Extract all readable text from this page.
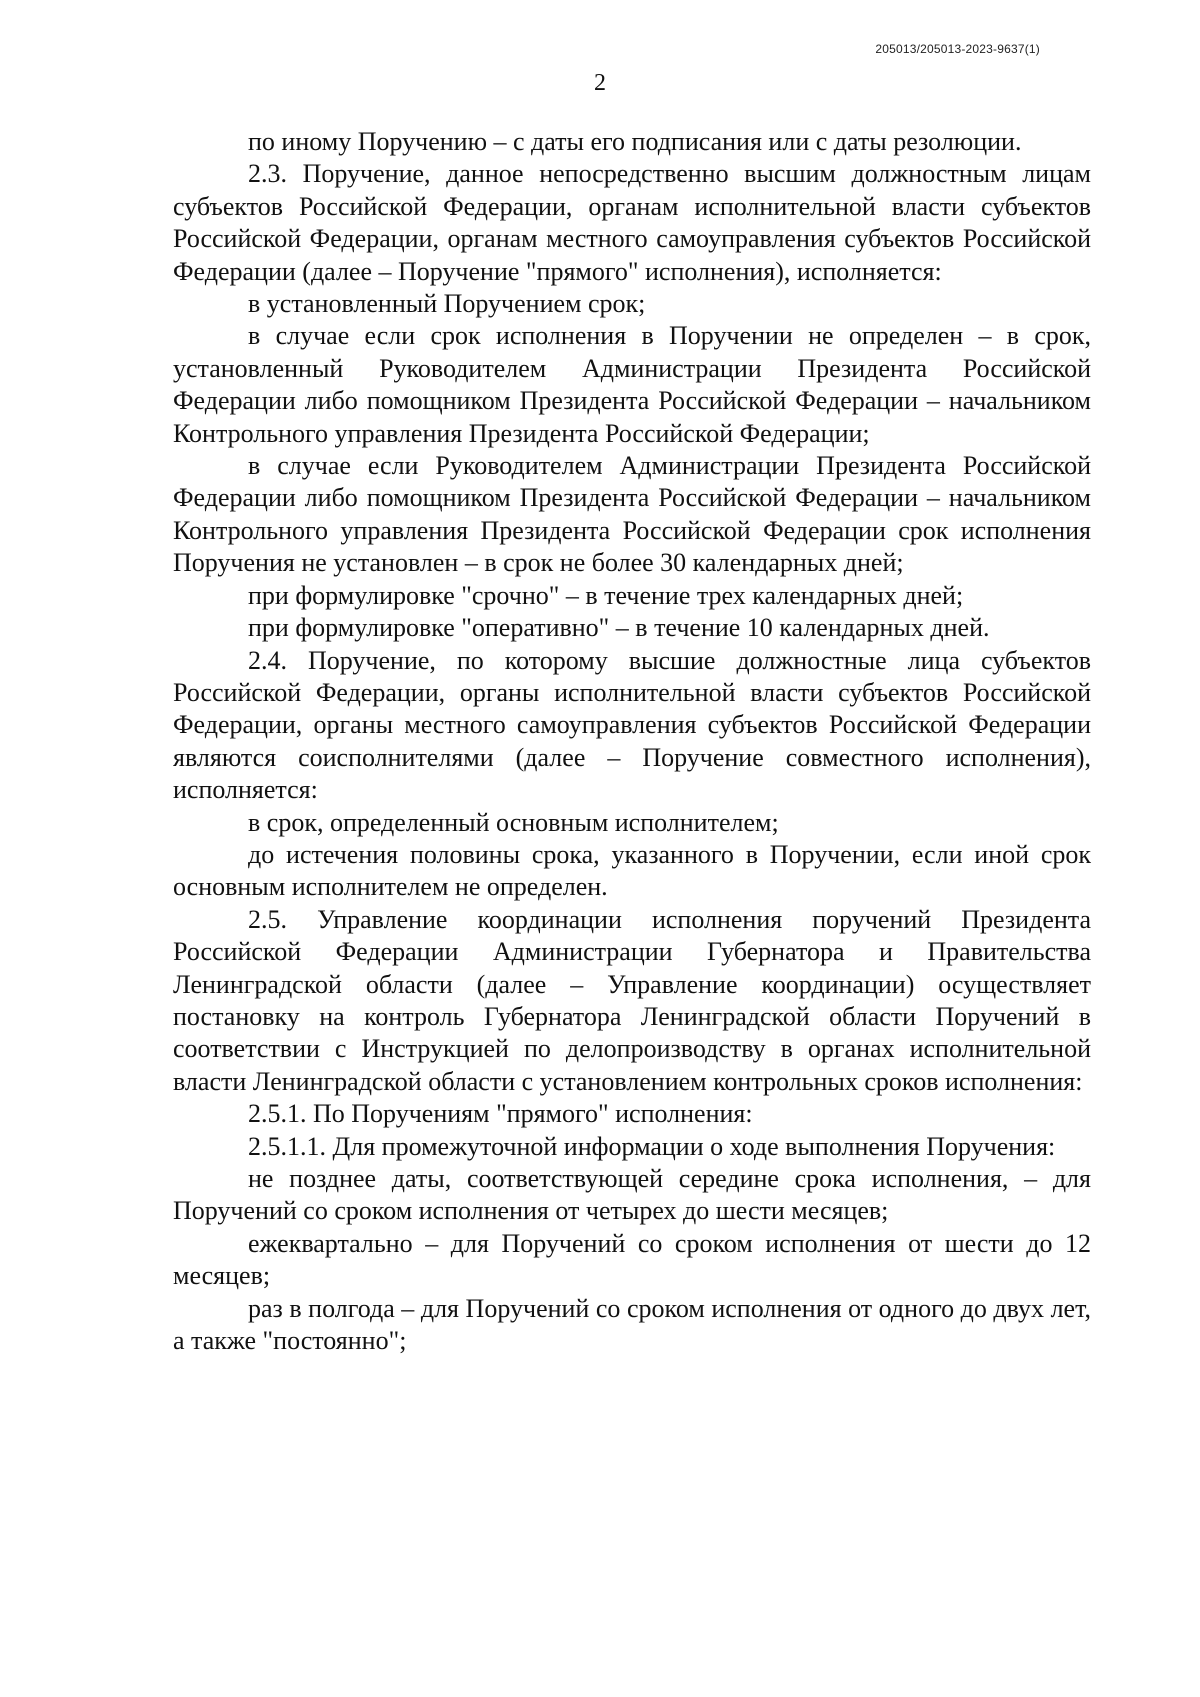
205013/205013-2023-9637(1)
2

по иному Поручению – с даты его подписания или с даты резолюции.

2.3. Поручение, данное непосредственно высшим должностным лицам субъектов Российской Федерации, органам исполнительной власти субъектов Российской Федерации, органам местного самоуправления субъектов Российской Федерации (далее – Поручение "прямого" исполнения), исполняется:

в установленный Поручением срок;

в случае если срок исполнения в Поручении не определен – в срок, установленный Руководителем Администрации Президента Российской Федерации либо помощником Президента Российской Федерации – начальником Контрольного управления Президента Российской Федерации;

в случае если Руководителем Администрации Президента Российской Федерации либо помощником Президента Российской Федерации – начальником Контрольного управления Президента Российской Федерации срок исполнения Поручения не установлен – в срок не более 30 календарных дней;

при формулировке "срочно" – в течение трех календарных дней;

при формулировке "оперативно" – в течение 10 календарных дней.

2.4. Поручение, по которому высшие должностные лица субъектов Российской Федерации, органы исполнительной власти субъектов Российской Федерации, органы местного самоуправления субъектов Российской Федерации являются соисполнителями (далее – Поручение совместного исполнения), исполняется:

в срок, определенный основным исполнителем;

до истечения половины срока, указанного в Поручении, если иной срок основным исполнителем не определен.

2.5. Управление координации исполнения поручений Президента Российской Федерации Администрации Губернатора и Правительства Ленинградской области (далее – Управление координации) осуществляет постановку на контроль Губернатора Ленинградской области Поручений в соответствии с Инструкцией по делопроизводству в органах исполнительной власти Ленинградской области с установлением контрольных сроков исполнения:

2.5.1. По Поручениям "прямого" исполнения:

2.5.1.1. Для промежуточной информации о ходе выполнения Поручения:

не позднее даты, соответствующей середине срока исполнения, – для Поручений со сроком исполнения от четырех до шести месяцев;

ежеквартально – для Поручений со сроком исполнения от шести до 12 месяцев;

раз в полгода – для Поручений со сроком исполнения от одного до двух лет, а также "постоянно";
